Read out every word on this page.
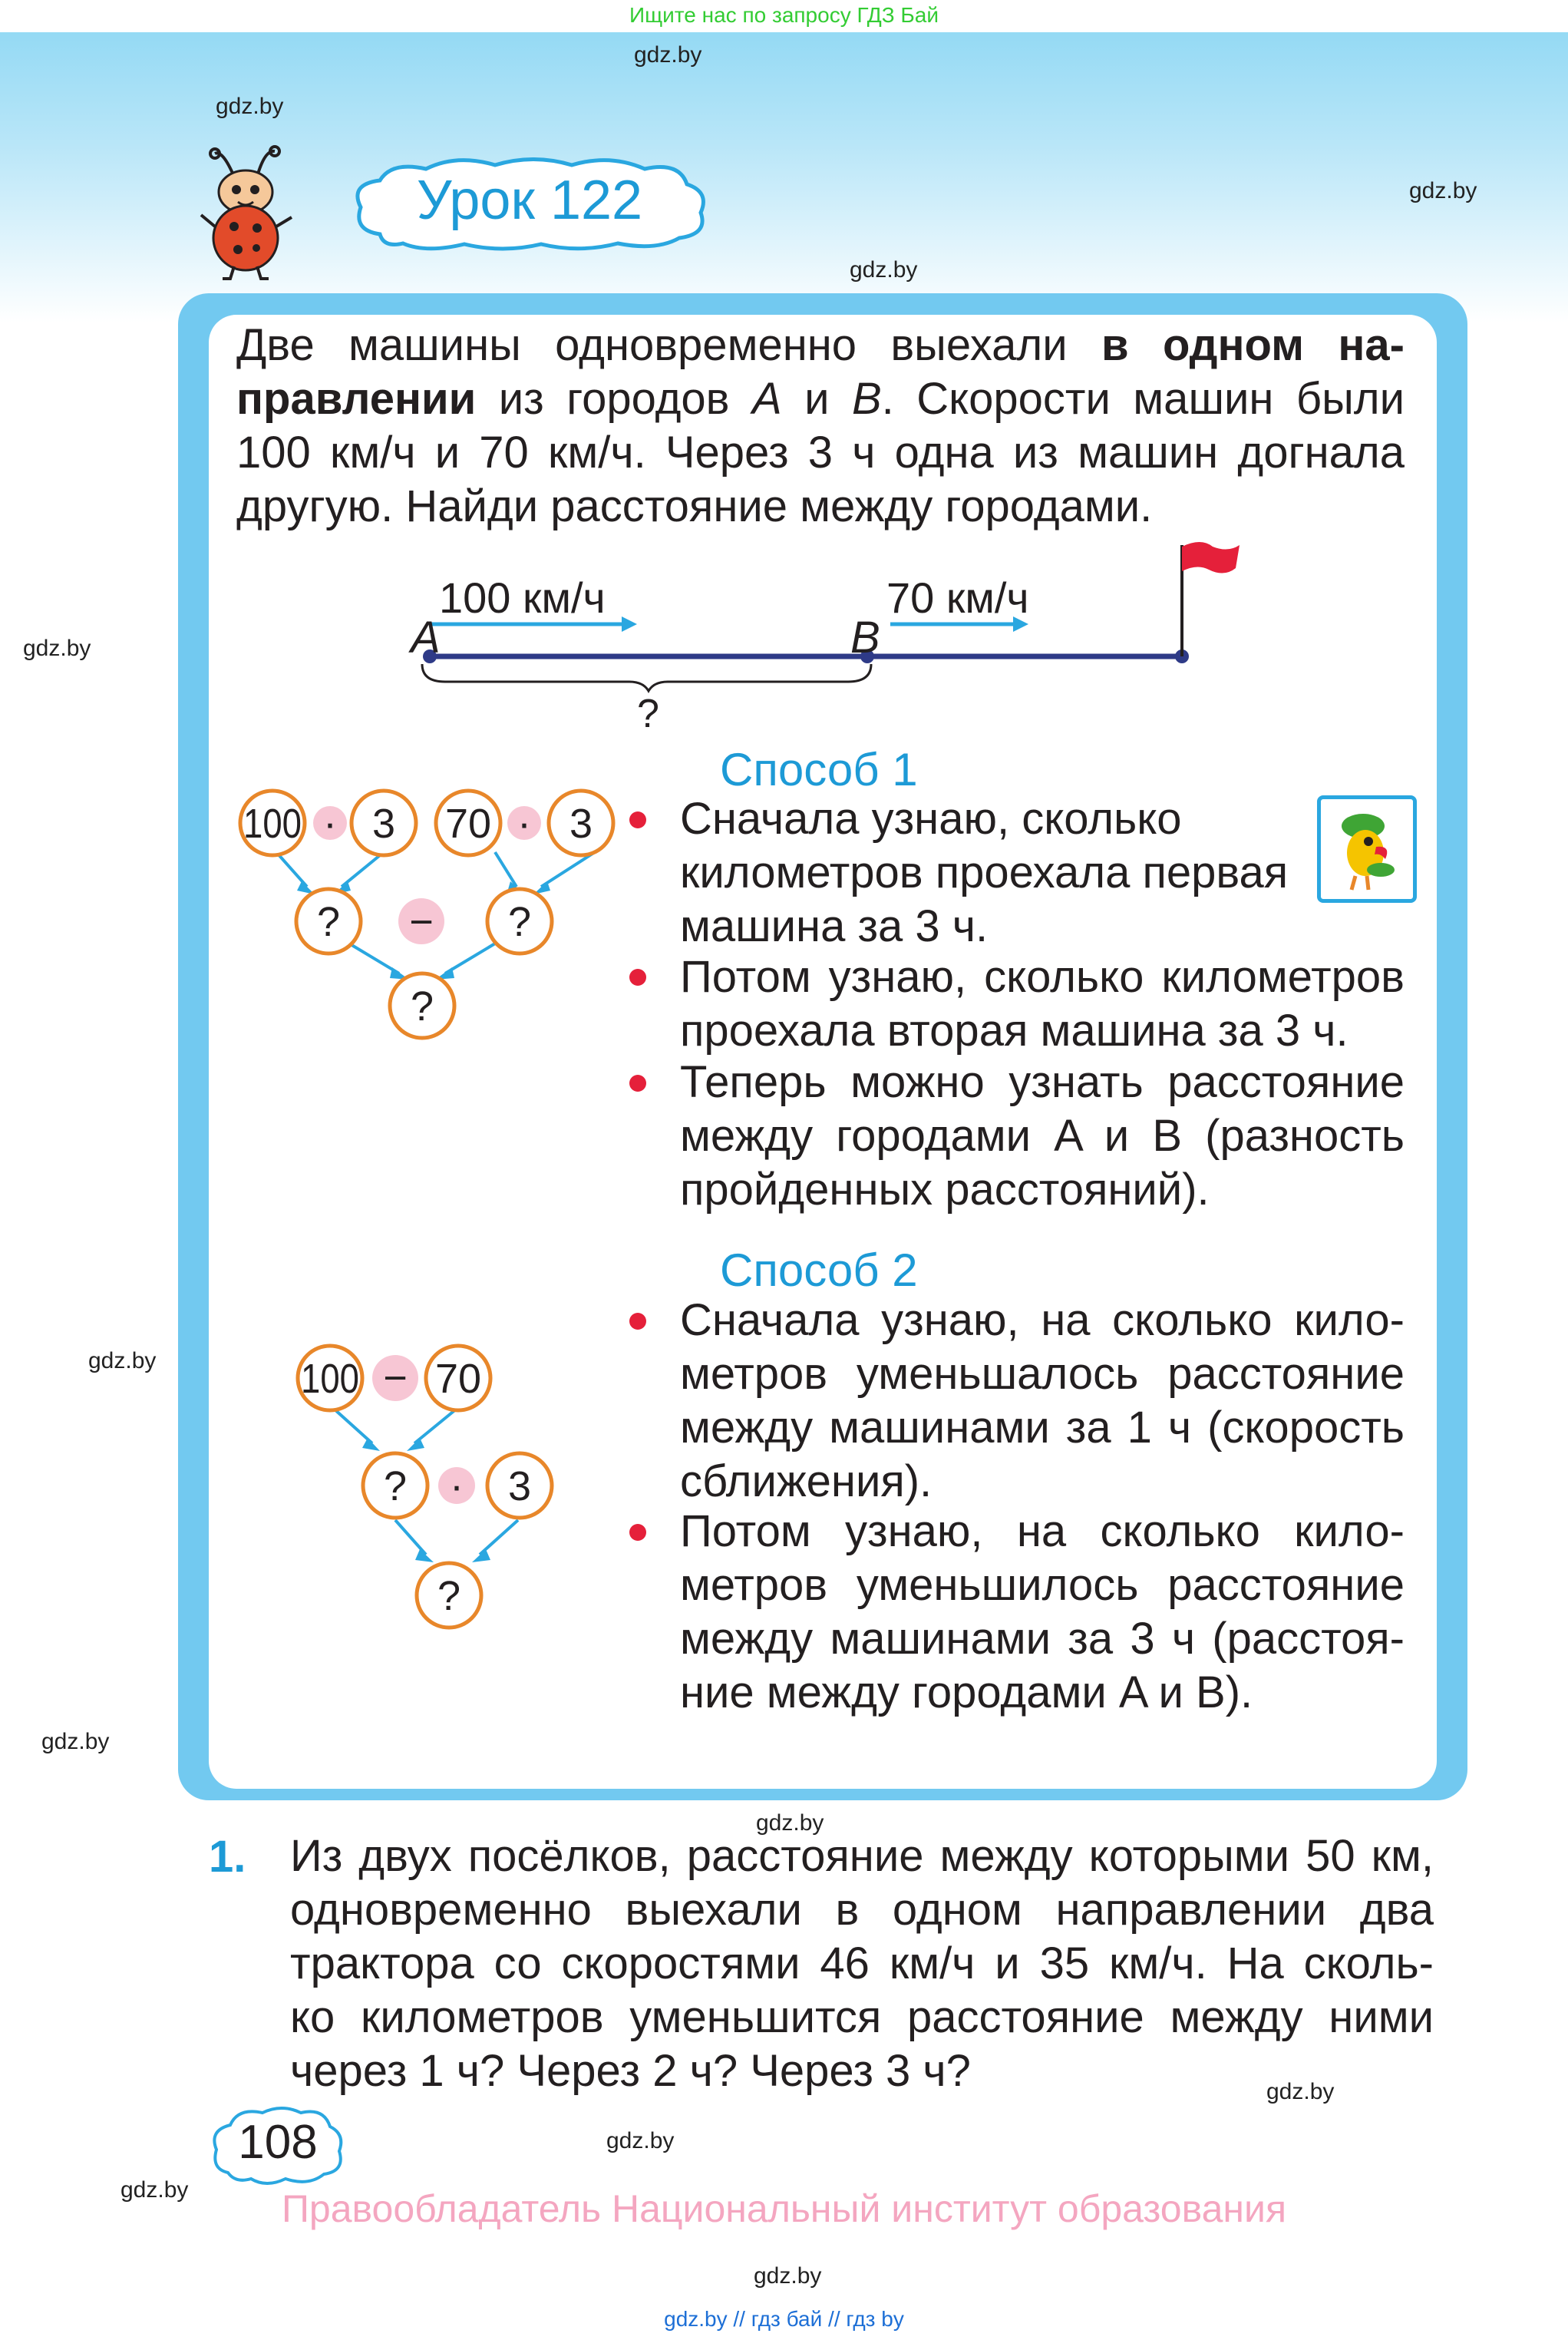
Ищите нас по запросу ГДЗ Бай
Урок 122
gdz.by
gdz.by
gdz.by
gdz.by
gdz.by
gdz.by
gdz.by
gdz.by
gdz.by
gdz.by
gdz.by
gdz.by
Две машины одновременно выехали в одном на-
правлении из городов A и B. Скорости машин были
100 км/ч и 70 км/ч. Через 3 ч одна из машин догнала
другую. Найди расстояние между городами.
A	B
100 км/ч	70 км/ч
?
Способ 1
100 · 3 70 · 3
? − ?
?
Сначала узнаю, сколько
километров проехала первая
машина за 3 ч.
Потом узнаю, сколько километров
проехала вторая машина за 3 ч.
Теперь можно узнать расстояние
между городами A и B (разность
пройденных расстояний).
Способ 2
100 − 70
? · 3
?
Сначала узнаю, на сколько кило-
метров уменьшалось расстояние
между машинами за 1 ч (скорость
сближения).
Потом узнаю, на сколько кило-
метров уменьшилось расстояние
между машинами за 3 ч (расстоя-
ние между городами A и B).
1. Из двух посёлков, расстояние между которыми 50 км,
одновременно выехали в одном направлении два
трактора со скоростями 46 км/ч и 35 км/ч. На сколь-
ко километров уменьшится расстояние между ними
через 1 ч? Через 2 ч? Через 3 ч?
108
Правообладатель Национальный институт образования
gdz.by // гдз бай // гдз by
